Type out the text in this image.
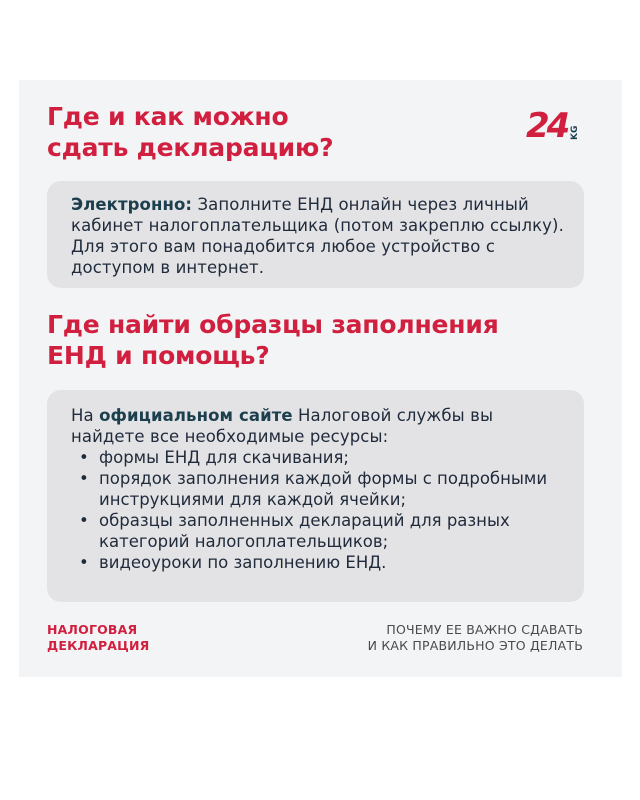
Где и как можно
сдать декларацию?
24 KG

Электронно: Заполните ЕНД онлайн через личный кабинет налогоплательщика (потом закреплю ссылку). Для этого вам понадобится любое устройство с доступом в интернет.

Где найти образцы заполнения
ЕНД и помощь?

На официальном сайте Налоговой службы вы найдете все необходимые ресурсы:

• формы ЕНД для скачивания;
• порядок заполнения каждой формы с подробными инструкциями для каждой ячейки;
• образцы заполненных деклараций для разных категорий налогоплательщиков;
• видеоуроки по заполнению ЕНД.

НАЛОГОВАЯ
ДЕКЛАРАЦИЯ

ПОЧЕМУ ЕЕ ВАЖНО СДАВАТЬ
И КАК ПРАВИЛЬНО ЭТО ДЕЛАТЬ
